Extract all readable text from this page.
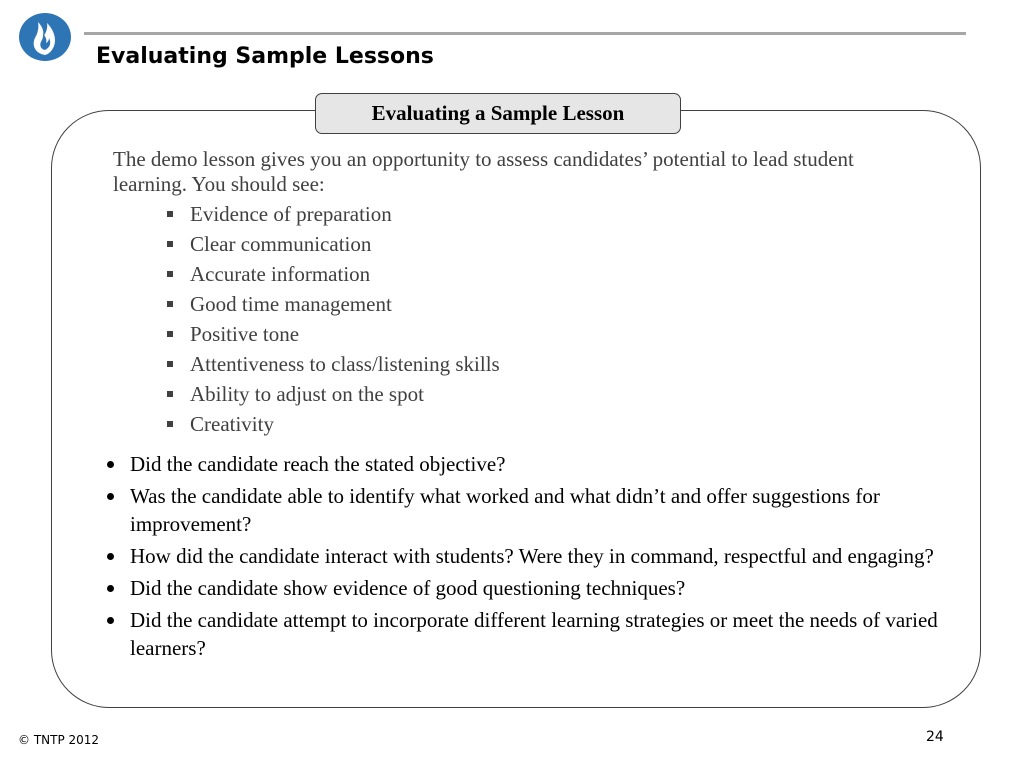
Evaluating Sample Lessons
Evaluating a Sample Lesson

The demo lesson gives you an opportunity to assess candidates’ potential to lead student learning. You should see:

Evidence of preparation
Clear communication
Accurate information
Good time management
Positive tone
Attentiveness to class/listening skills
Ability to adjust on the spot
Creativity
Did the candidate reach the stated objective?
Was the candidate able to identify what worked and what didn’t and offer suggestions for improvement?
How did the candidate interact with students? Were they in command, respectful and engaging?
Did the candidate show evidence of good questioning techniques?
Did the candidate attempt to incorporate different learning strategies or meet the needs of varied learners?
© TNTP 2012	24
